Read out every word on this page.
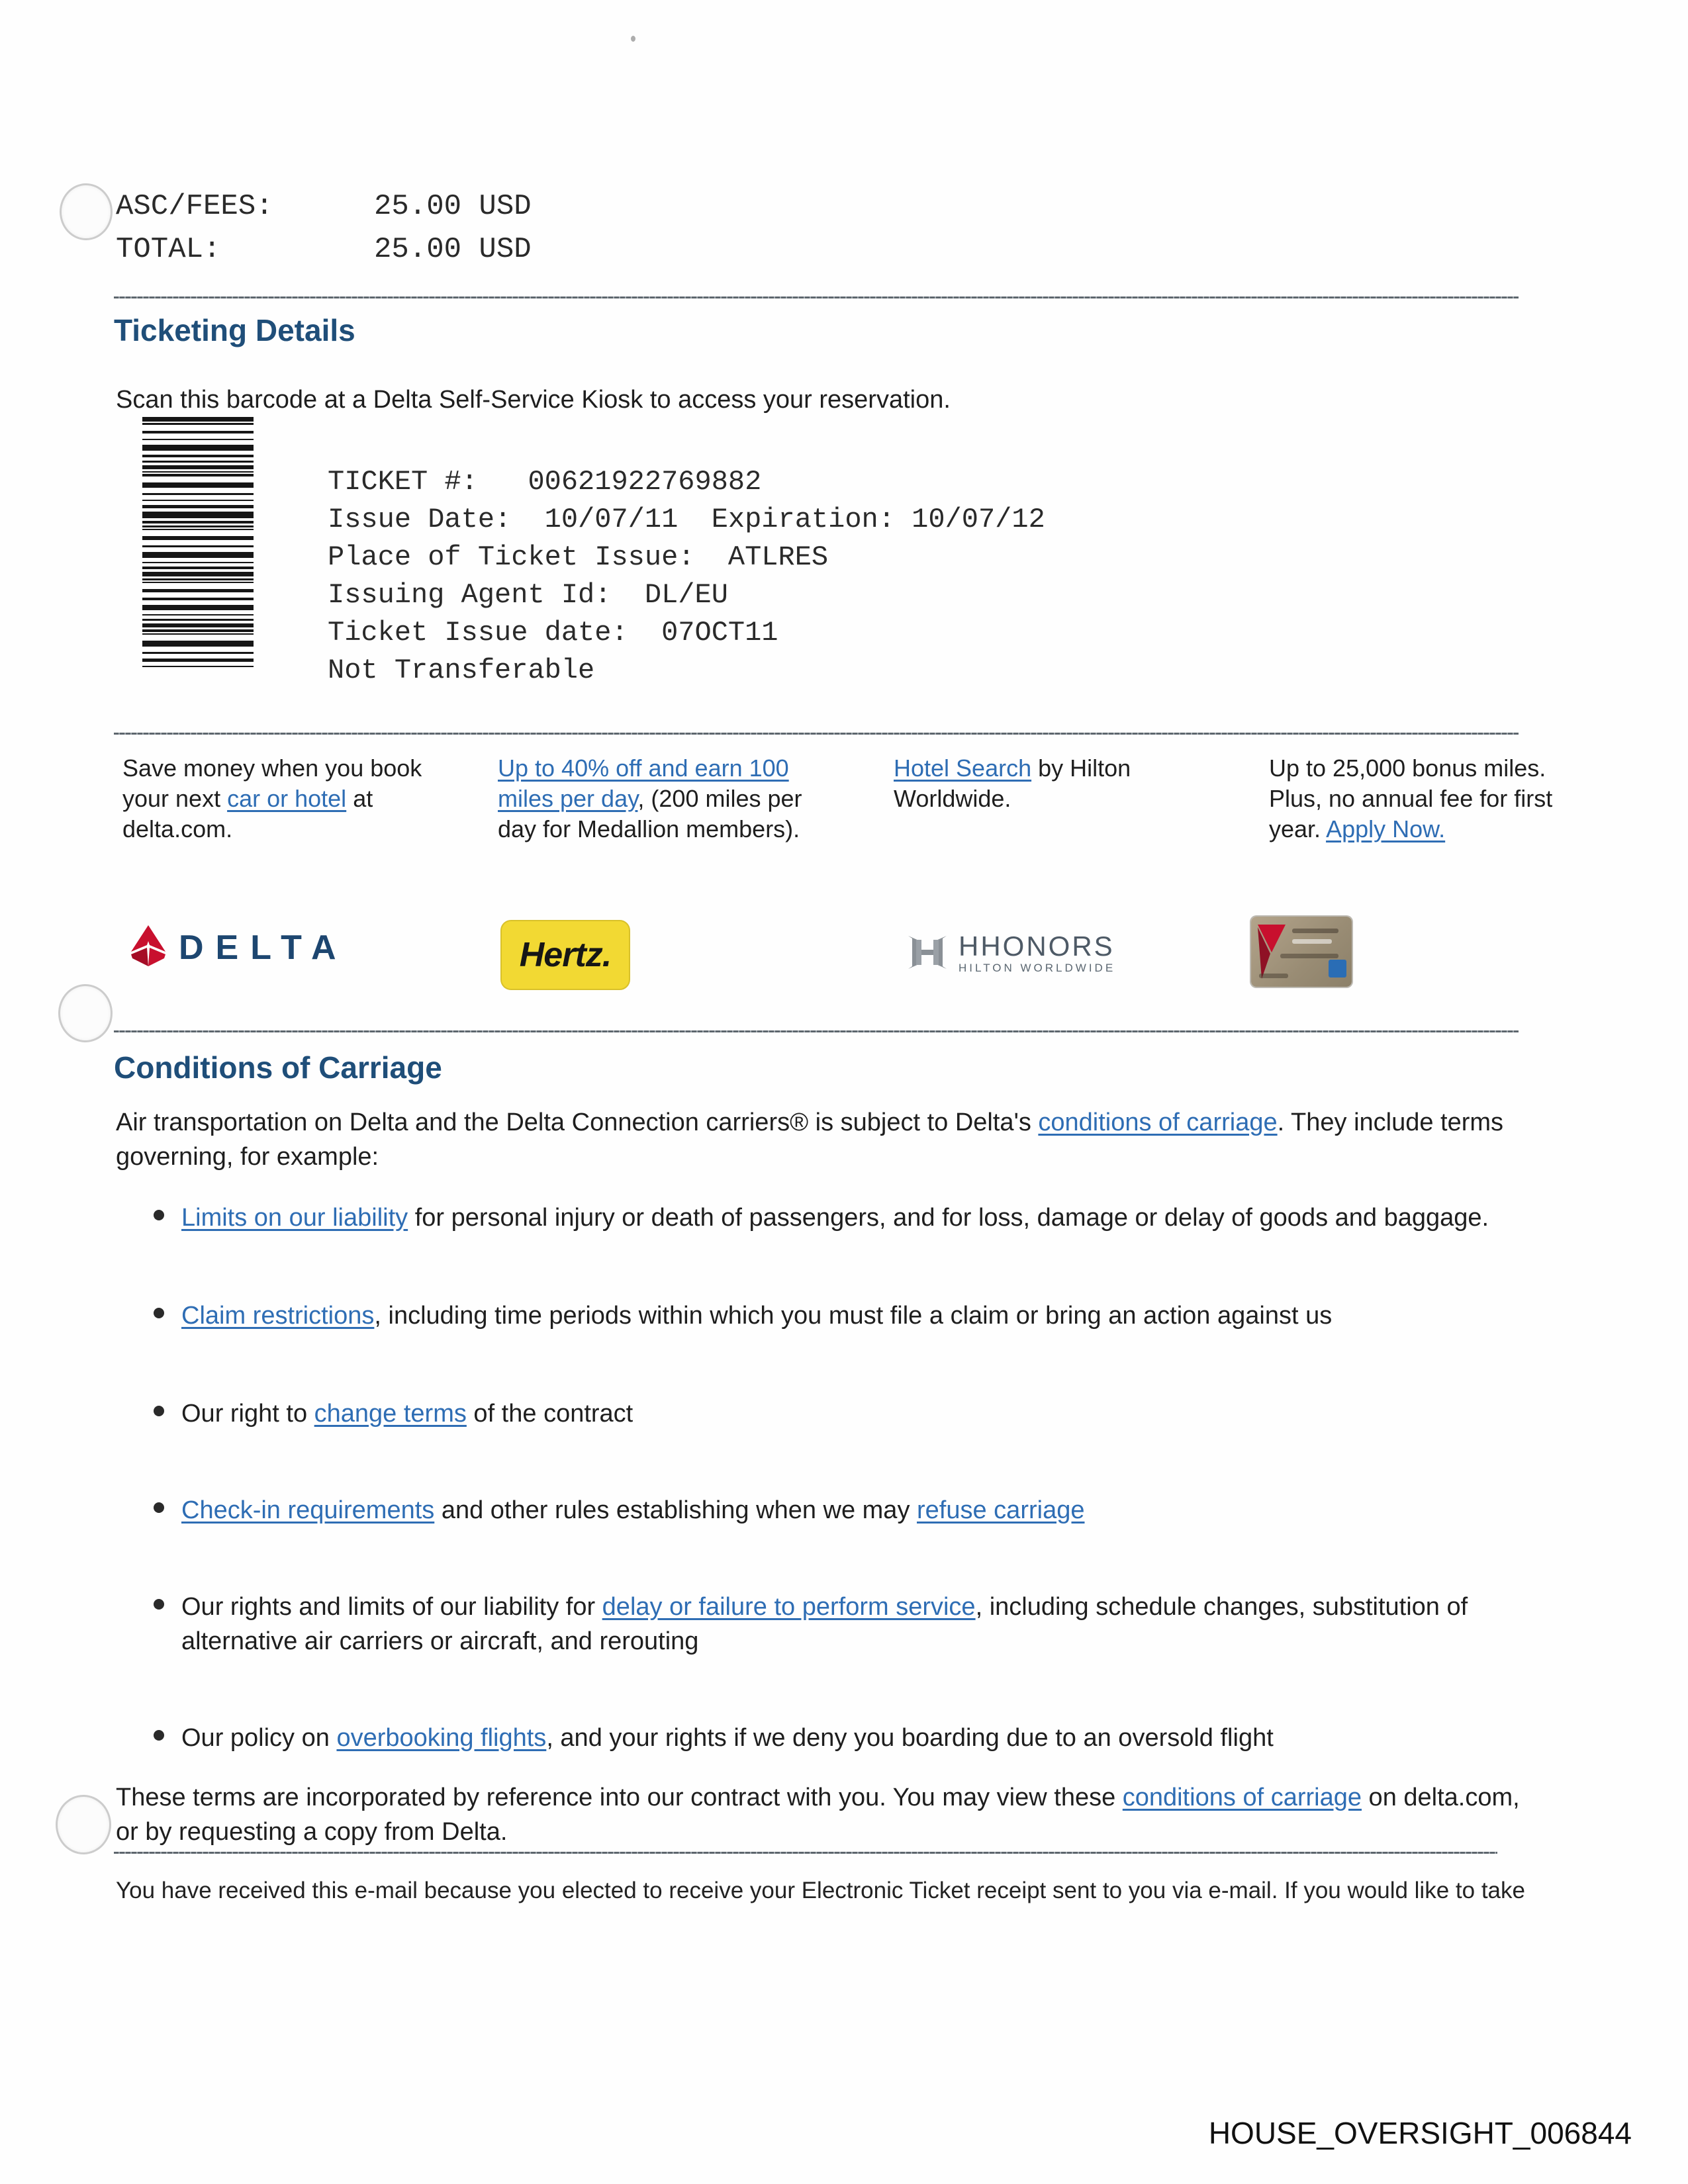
ASC/FEES:	25.00 USD
TOTAL:	25.00 USD
Ticketing Details
Scan this barcode at a Delta Self-Service Kiosk to access your reservation.
TICKET #:   00621922769882
Issue Date:  10/07/11  Expiration: 10/07/12
Place of Ticket Issue:  ATLRES
Issuing Agent Id:  DL/EU
Ticket Issue date:  07OCT11
Not Transferable
Save money when you book your next car or hotel at delta.com.
Up to 40% off and earn 100 miles per day, (200 miles per day for Medallion members).
Hotel Search by Hilton Worldwide.
Up to 25,000 bonus miles. Plus, no annual fee for first year. Apply Now.
DELTA	Hertz.	HHONORS
HILTON WORLDWIDE
Conditions of Carriage
Air transportation on Delta and the Delta Connection carriers® is subject to Delta's conditions of carriage. They include terms governing, for example:
Limits on our liability for personal injury or death of passengers, and for loss, damage or delay of goods and baggage.
Claim restrictions, including time periods within which you must file a claim or bring an action against us
Our right to change terms of the contract
Check-in requirements and other rules establishing when we may refuse carriage
Our rights and limits of our liability for delay or failure to perform service, including schedule changes, substitution of alternative air carriers or aircraft, and rerouting
Our policy on overbooking flights, and your rights if we deny you boarding due to an oversold flight
These terms are incorporated by reference into our contract with you. You may view these conditions of carriage on delta.com, or by requesting a copy from Delta.
You have received this e-mail because you elected to receive your Electronic Ticket receipt sent to you via e-mail. If you would like to take
HOUSE_OVERSIGHT_006844
